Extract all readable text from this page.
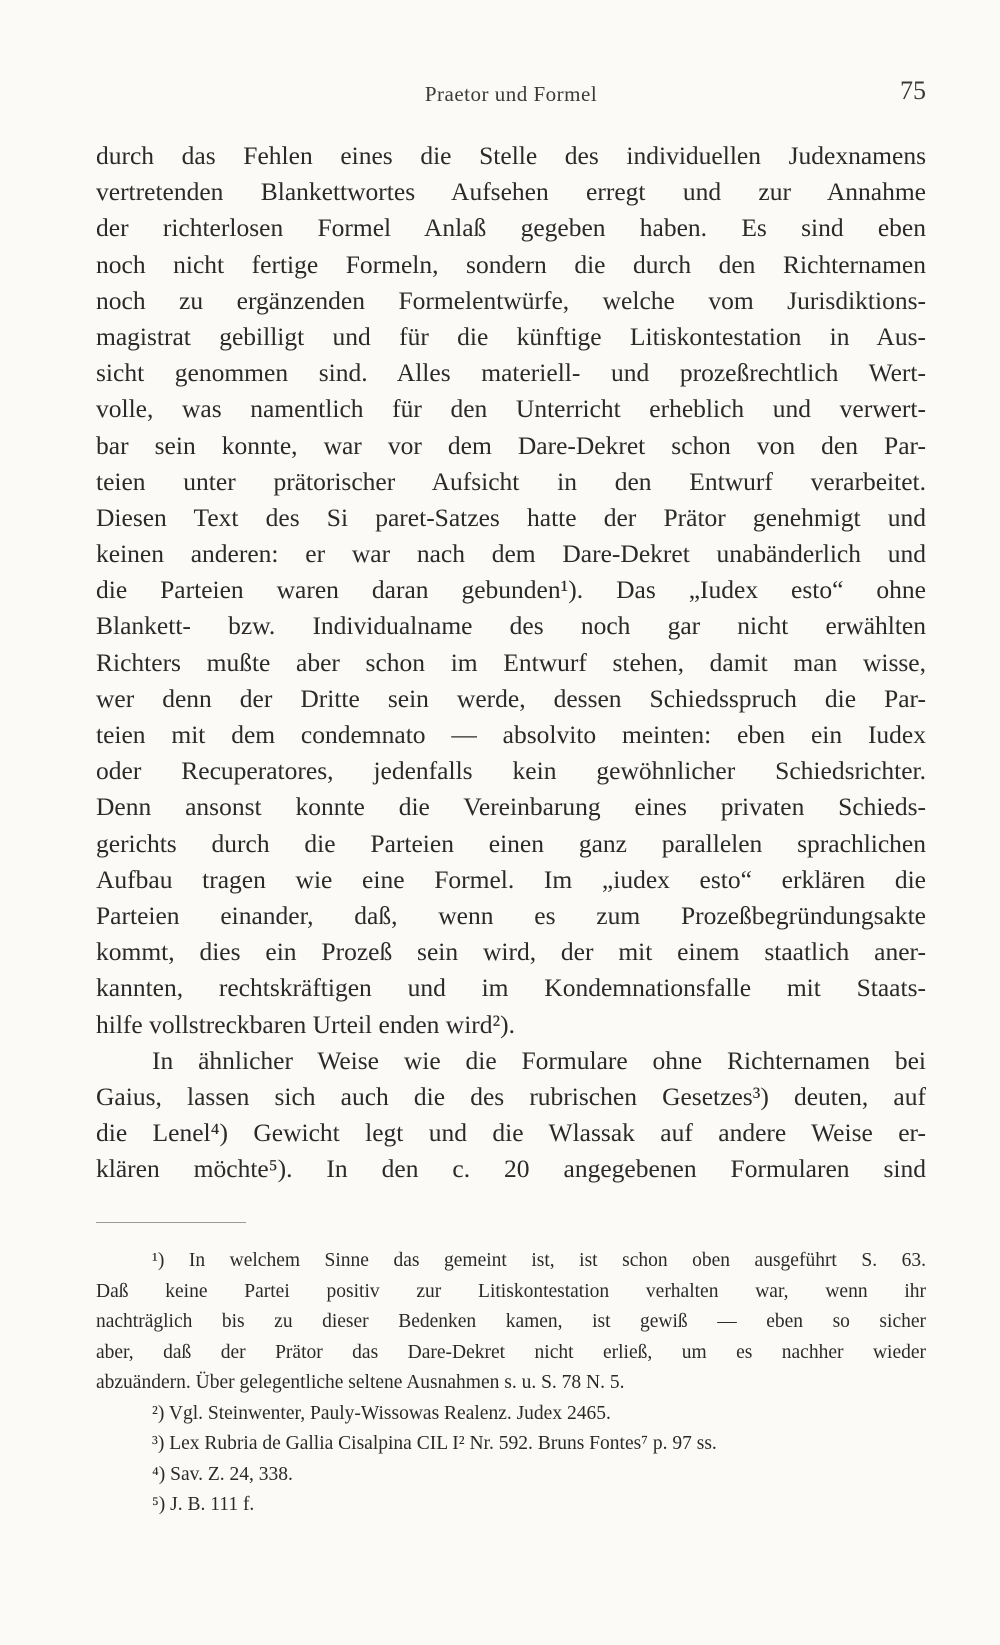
Praetor und Formel	75
durch das Fehlen eines die Stelle des individuellen Judexnamens
vertretenden Blankettwortes Aufsehen erregt und zur Annahme
der richterlosen Formel Anlaß gegeben haben. Es sind eben
noch nicht fertige Formeln, sondern die durch den Richternamen
noch zu ergänzenden Formelentwürfe, welche vom Jurisdiktions-
magistrat gebilligt und für die künftige Litiskontestation in Aus-
sicht genommen sind. Alles materiell- und prozeßrechtlich Wert-
volle, was namentlich für den Unterricht erheblich und verwert-
bar sein konnte, war vor dem Dare-Dekret schon von den Par-
teien unter prätorischer Aufsicht in den Entwurf verarbeitet.
Diesen Text des Si paret-Satzes hatte der Prätor genehmigt und
keinen anderen: er war nach dem Dare-Dekret unabänderlich und
die Parteien waren daran gebunden¹). Das „Iudex esto“ ohne
Blankett- bzw. Individualname des noch gar nicht erwählten
Richters mußte aber schon im Entwurf stehen, damit man wisse,
wer denn der Dritte sein werde, dessen Schiedsspruch die Par-
teien mit dem condemnato — absolvito meinten: eben ein Iudex
oder Recuperatores, jedenfalls kein gewöhnlicher Schiedsrichter.
Denn ansonst konnte die Vereinbarung eines privaten Schieds-
gerichts durch die Parteien einen ganz parallelen sprachlichen
Aufbau tragen wie eine Formel. Im „iudex esto“ erklären die
Parteien einander, daß, wenn es zum Prozeßbegründungsakte
kommt, dies ein Prozeß sein wird, der mit einem staatlich aner-
kannten, rechtskräftigen und im Kondemnationsfalle mit Staats-
hilfe vollstreckbaren Urteil enden wird²).
In ähnlicher Weise wie die Formulare ohne Richternamen bei
Gaius, lassen sich auch die des rubrischen Gesetzes³) deuten, auf
die Lenel⁴) Gewicht legt und die Wlassak auf andere Weise er-
klären möchte⁵). In den c. 20 angegebenen Formularen sind
¹) In welchem Sinne das gemeint ist, ist schon oben ausgeführt S. 63.
Daß keine Partei positiv zur Litiskontestation verhalten war, wenn ihr
nachträglich bis zu dieser Bedenken kamen, ist gewiß — eben so sicher
aber, daß der Prätor das Dare-Dekret nicht erließ, um es nachher wieder
abzuändern. Über gelegentliche seltene Ausnahmen s. u. S. 78 N. 5.
²) Vgl. Steinwenter, Pauly-Wissowas Realenz. Judex 2465.
³) Lex Rubria de Gallia Cisalpina CIL I² Nr. 592. Bruns Fontes⁷ p. 97 ss.
⁴) Sav. Z. 24, 338.
⁵) J. B. 111 f.
